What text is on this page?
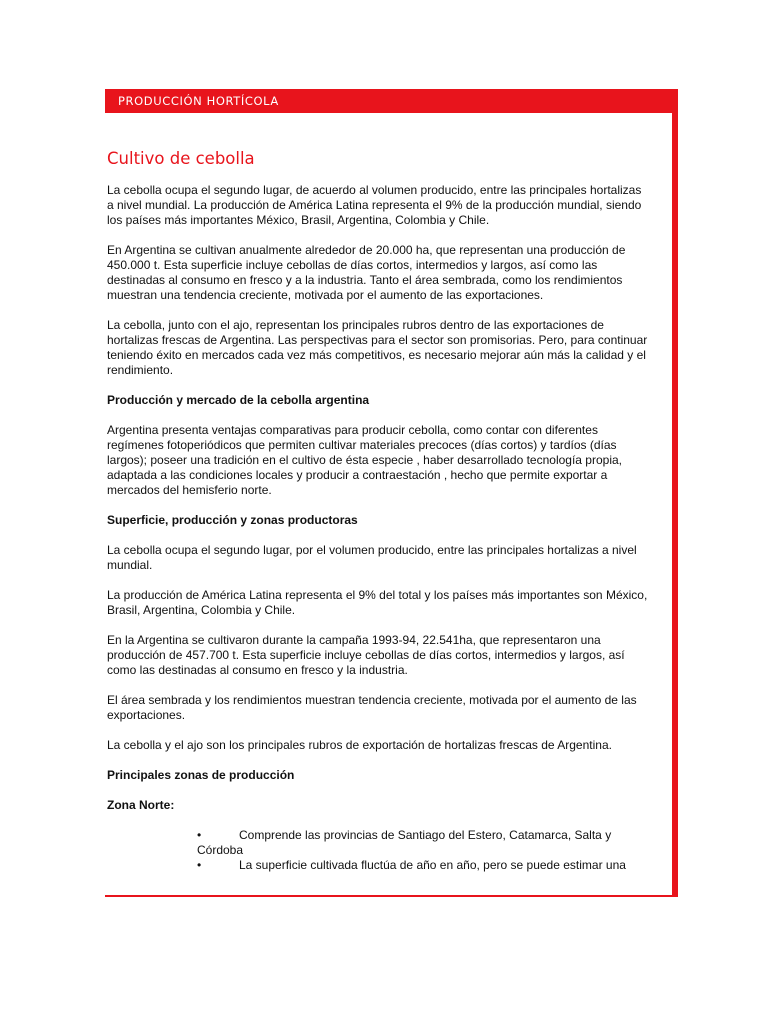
PRODUCCIÓN HORTÍCOLA
Cultivo de cebolla

La cebolla ocupa el segundo lugar, de acuerdo al volumen producido, entre las principales hortalizas
a nivel mundial. La producción de América Latina representa el 9% de la producción mundial, siendo
los países más importantes México, Brasil, Argentina, Colombia y Chile.

En Argentina se cultivan anualmente alrededor de 20.000 ha, que representan una producción de
450.000 t. Esta superficie incluye cebollas de días cortos, intermedios y largos, así como las
destinadas al consumo en fresco y a la industria. Tanto el área sembrada, como los rendimientos
muestran una tendencia creciente, motivada por el aumento de las exportaciones.

La cebolla, junto con el ajo, representan los principales rubros dentro de las exportaciones de
hortalizas frescas de Argentina. Las perspectivas para el sector son promisorias. Pero, para continuar
teniendo éxito en mercados cada vez más competitivos, es necesario mejorar aún más la calidad y el
rendimiento.

Producción y mercado de la cebolla argentina

Argentina presenta ventajas comparativas para producir cebolla, como contar con diferentes
regímenes fotoperiódicos que permiten cultivar materiales precoces (días cortos) y tardíos (días
largos); poseer una tradición en el cultivo de ésta especie , haber desarrollado tecnología propia,
adaptada a las condiciones locales y producir a contraestación , hecho que permite exportar a
mercados del hemisferio norte.

Superficie, producción y zonas productoras

La cebolla ocupa el segundo lugar, por el volumen producido, entre las principales hortalizas a nivel
mundial.

La producción de América Latina representa el 9% del total y los países más importantes son México,
Brasil, Argentina, Colombia y Chile.

En la Argentina se cultivaron durante la campaña 1993-94, 22.541ha, que representaron una
producción de 457.700 t. Esta superficie incluye cebollas de días cortos, intermedios y largos, así
como las destinadas al consumo en fresco y la industria.

El área sembrada y los rendimientos muestran tendencia creciente, motivada por el aumento de las
exportaciones.

La cebolla y el ajo son los principales rubros de exportación de hortalizas frescas de Argentina.

Principales zonas de producción
Zona Norte:
•	Comprende las provincias de Santiago del Estero, Catamarca, Salta y
Córdoba
•	La superficie cultivada fluctúa de año en año, pero se puede estimar una
